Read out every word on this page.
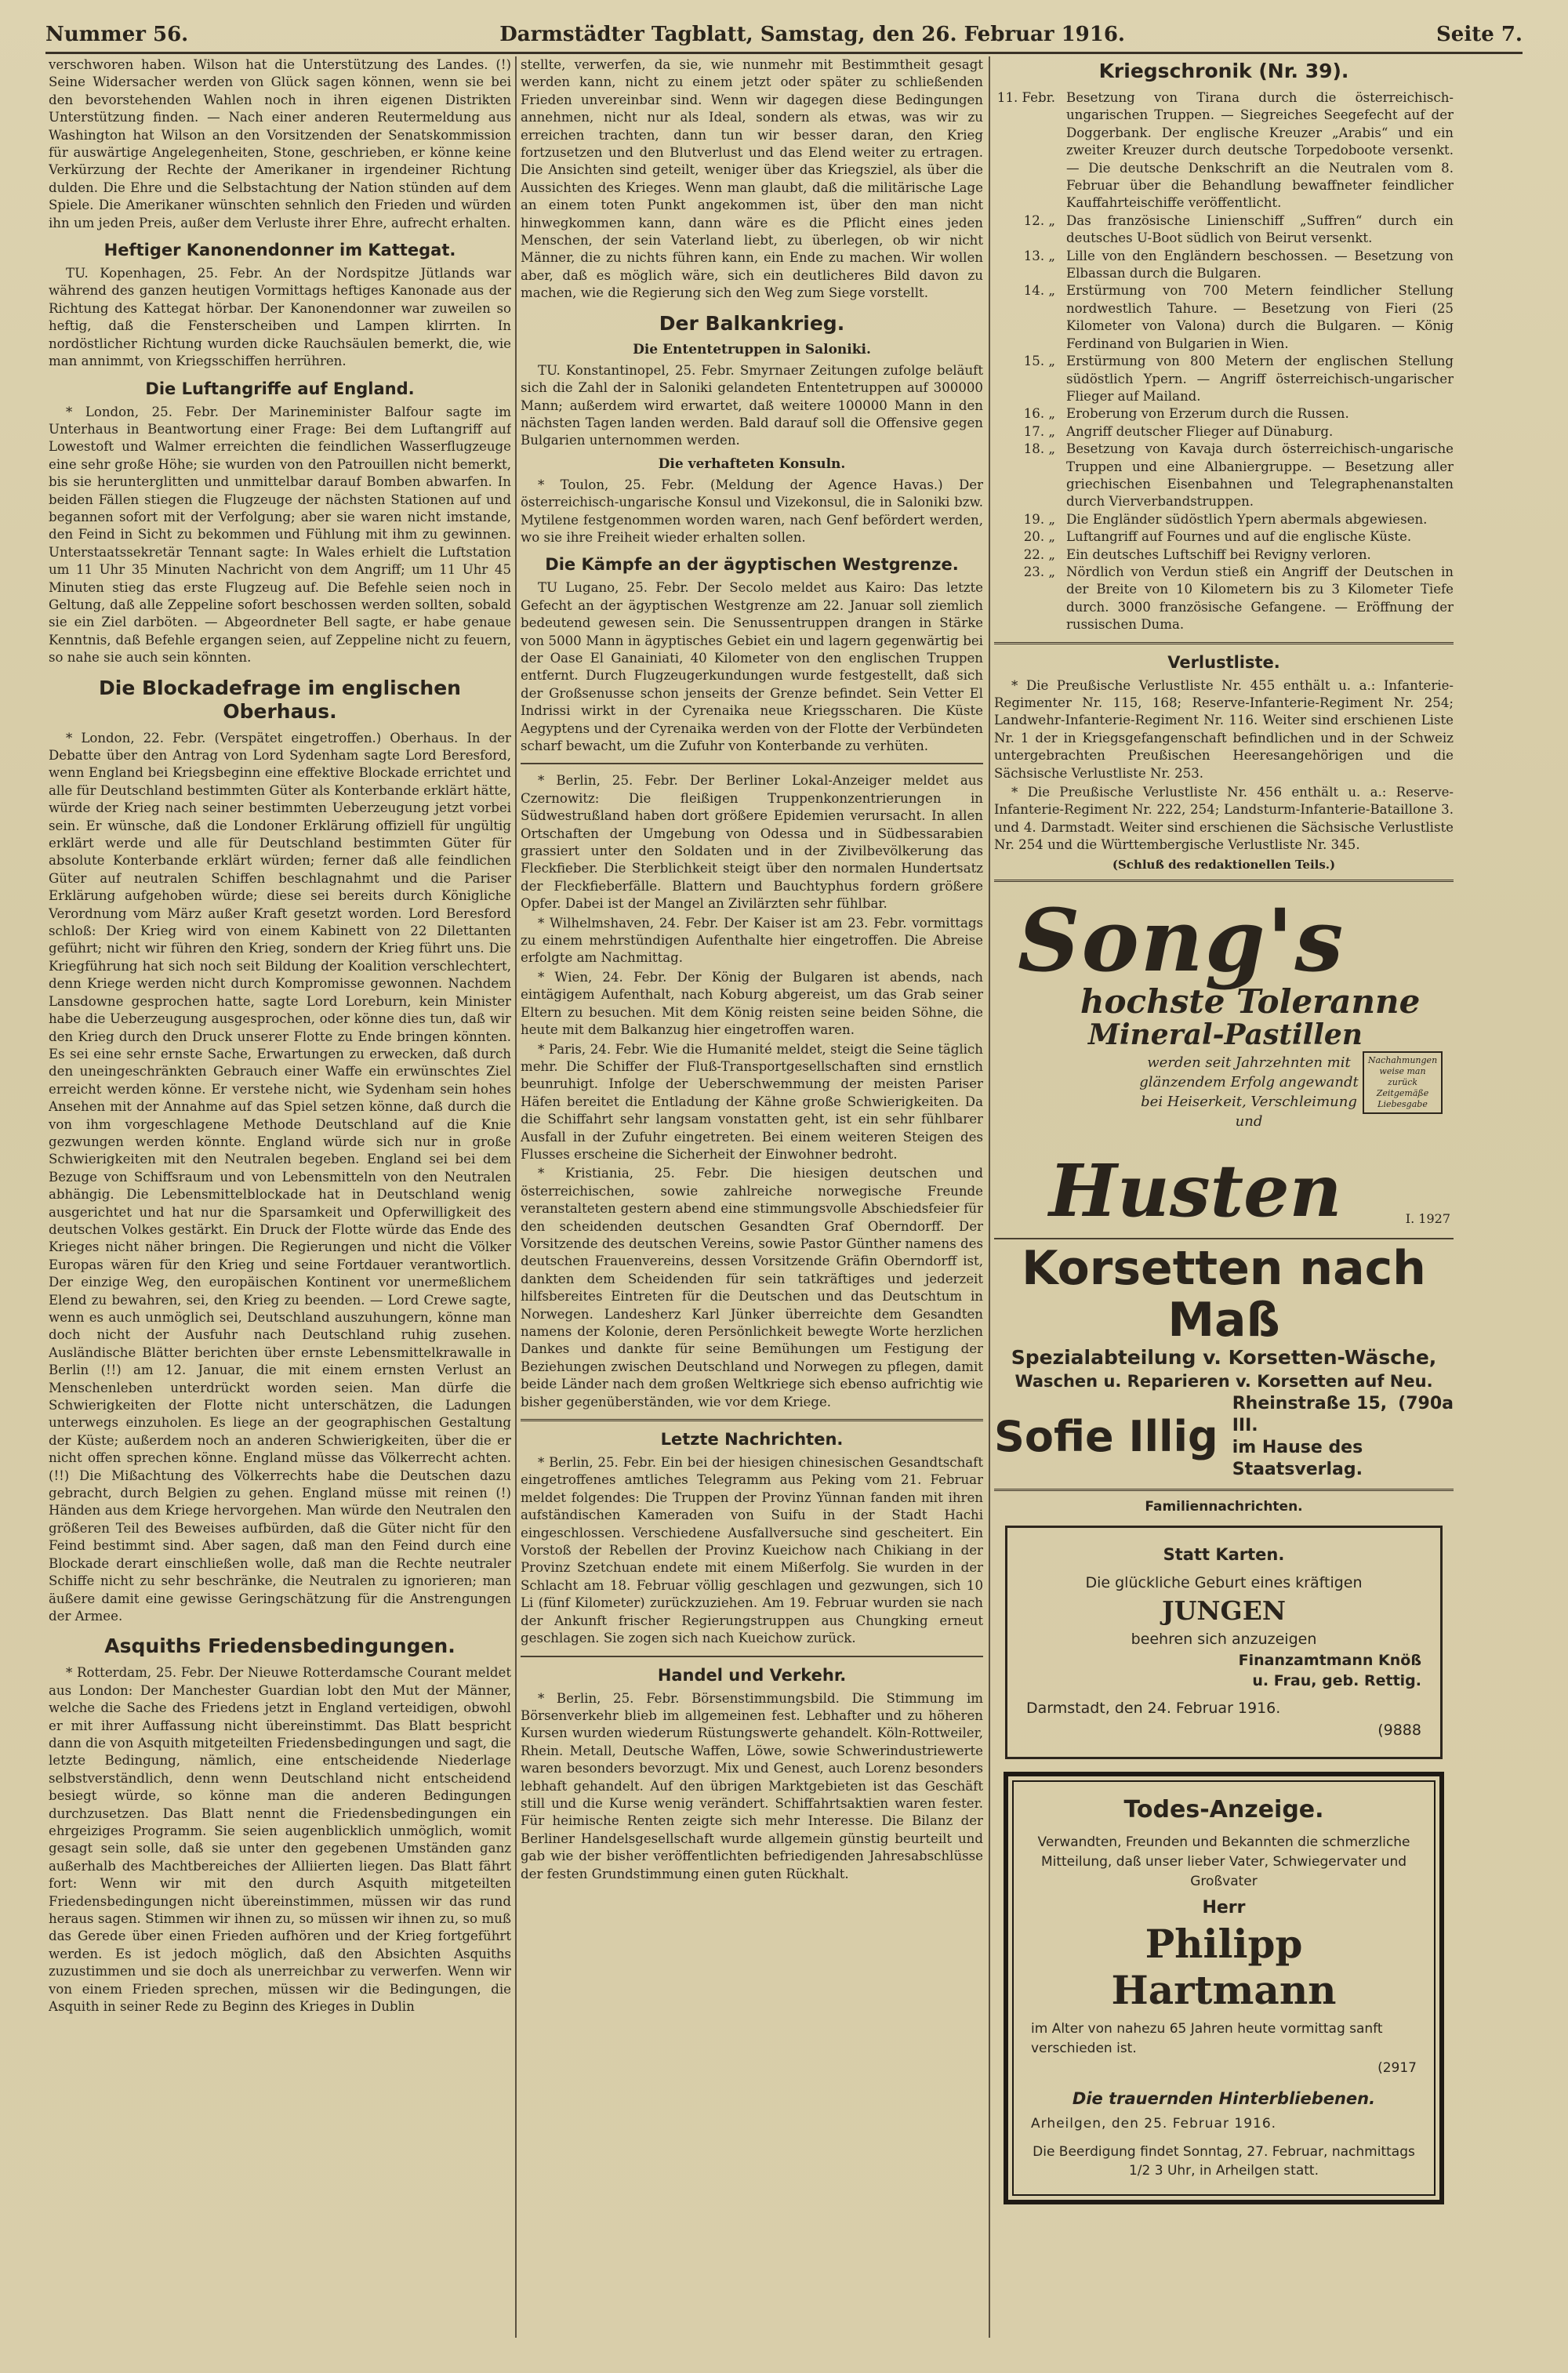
Nummer 56.	Darmstädter Tagblatt, Samstag, den 26. Februar 1916.	Seite 7.

verschworen haben. Wilson hat die Unterstützung des Landes. (!) Seine Widersacher werden von Glück sagen können, wenn sie bei den bevorstehenden Wahlen noch in ihren eigenen Distrikten Unterstützung finden. — Nach einer anderen Reutermeldung aus Washington hat Wilson an den Vorsitzenden der Senatskommission für auswärtige Angelegenheiten, Stone, geschrieben, er könne keine Verkürzung der Rechte der Amerikaner in irgendeiner Richtung dulden. Die Ehre und die Selbstachtung der Nation stünden auf dem Spiele. Die Amerikaner wünschten sehnlich den Frieden und würden ihn um jeden Preis, außer dem Verluste ihrer Ehre, aufrecht erhalten.

Heftiger Kanonendonner im Kattegat.

TU. Kopenhagen, 25. Febr. An der Nordspitze Jütlands war während des ganzen heutigen Vormittags heftiges Kanonade aus der Richtung des Kattegat hörbar. Der Kanonendonner war zuweilen so heftig, daß die Fensterscheiben und Lampen klirrten. In nordöstlicher Richtung wurden dicke Rauchsäulen bemerkt, die, wie man annimmt, von Kriegsschiffen herrühren.

Die Luftangriffe auf England.

* London, 25. Febr. Der Marineminister Balfour sagte im Unterhaus in Beantwortung einer Frage: Bei dem Luftangriff auf Lowestoft und Walmer erreichten die feindlichen Wasserflugzeuge eine sehr große Höhe; sie wurden von den Patrouillen nicht bemerkt, bis sie herunterglitten und unmittelbar darauf Bomben abwarfen. In beiden Fällen stiegen die Flugzeuge der nächsten Stationen auf und begannen sofort mit der Verfolgung; aber sie waren nicht imstande, den Feind in Sicht zu bekommen und Fühlung mit ihm zu gewinnen. Unterstaatssekretär Tennant sagte: In Wales erhielt die Luftstation um 11 Uhr 35 Minuten Nachricht von dem Angriff; um 11 Uhr 45 Minuten stieg das erste Flugzeug auf. Die Befehle seien noch in Geltung, daß alle Zeppeline sofort beschossen werden sollten, sobald sie ein Ziel darböten. — Abgeordneter Bell sagte, er habe genaue Kenntnis, daß Befehle ergangen seien, auf Zeppeline nicht zu feuern, so nahe sie auch sein könnten.

Die Blockadefrage im englischen Oberhaus.

* London, 22. Febr. (Verspätet eingetroffen.) Oberhaus. In der Debatte über den Antrag von Lord Sydenham sagte Lord Beresford, wenn England bei Kriegsbeginn eine effektive Blockade errichtet und alle für Deutschland bestimmten Güter als Konterbande erklärt hätte, würde der Krieg nach seiner bestimmten Ueberzeugung jetzt vorbei sein. Er wünsche, daß die Londoner Erklärung offiziell für ungültig erklärt werde und alle für Deutschland bestimmten Güter für absolute Konterbande erklärt würden; ferner daß alle feindlichen Güter auf neutralen Schiffen beschlagnahmt und die Pariser Erklärung aufgehoben würde; diese sei bereits durch Königliche Verordnung vom März außer Kraft gesetzt worden. Lord Beresford schloß: Der Krieg wird von einem Kabinett von 22 Dilettanten geführt; nicht wir führen den Krieg, sondern der Krieg führt uns. Die Kriegführung hat sich noch seit Bildung der Koalition verschlechtert, denn Kriege werden nicht durch Kompromisse gewonnen. Nachdem Lansdowne gesprochen hatte, sagte Lord Loreburn, kein Minister habe die Ueberzeugung ausgesprochen, oder könne dies tun, daß wir den Krieg durch den Druck unserer Flotte zu Ende bringen könnten. Es sei eine sehr ernste Sache, Erwartungen zu erwecken, daß durch den uneingeschränkten Gebrauch einer Waffe ein erwünschtes Ziel erreicht werden könne. Er verstehe nicht, wie Sydenham sein hohes Ansehen mit der Annahme auf das Spiel setzen könne, daß durch die von ihm vorgeschlagene Methode Deutschland auf die Knie gezwungen werden könnte. England würde sich nur in große Schwierigkeiten mit den Neutralen begeben. England sei bei dem Bezuge von Schiffsraum und von Lebensmitteln von den Neutralen abhängig. Die Lebensmittelblockade hat in Deutschland wenig ausgerichtet und hat nur die Sparsamkeit und Opferwilligkeit des deutschen Volkes gestärkt. Ein Druck der Flotte würde das Ende des Krieges nicht näher bringen. Die Regierungen und nicht die Völker Europas wären für den Krieg und seine Fortdauer verantwortlich. Der einzige Weg, den europäischen Kontinent vor unermeßlichem Elend zu bewahren, sei, den Krieg zu beenden. — Lord Crewe sagte, wenn es auch unmöglich sei, Deutschland auszuhungern, könne man doch nicht der Ausfuhr nach Deutschland ruhig zusehen. Ausländische Blätter berichten über ernste Lebensmittelkrawalle in Berlin (!!) am 12. Januar, die mit einem ernsten Verlust an Menschenleben unterdrückt worden seien. Man dürfe die Schwierigkeiten der Flotte nicht unterschätzen, die Ladungen unterwegs einzuholen. Es liege an der geographischen Gestaltung der Küste; außerdem noch an anderen Schwierigkeiten, über die er nicht offen sprechen könne. England müsse das Völkerrecht achten. (!!) Die Mißachtung des Völkerrechts habe die Deutschen dazu gebracht, durch Belgien zu gehen. England müsse mit reinen (!) Händen aus dem Kriege hervorgehen. Man würde den Neutralen den größeren Teil des Beweises aufbürden, daß die Güter nicht für den Feind bestimmt sind. Aber sagen, daß man den Feind durch eine Blockade derart einschließen wolle, daß man die Rechte neutraler Schiffe nicht zu sehr beschränke, die Neutralen zu ignorieren; man äußere damit eine gewisse Geringschätzung für die Anstrengungen der Armee.

Asquiths Friedensbedingungen.

* Rotterdam, 25. Febr. Der Nieuwe Rotterdamsche Courant meldet aus London: Der Manchester Guardian lobt den Mut der Männer, welche die Sache des Friedens jetzt in England verteidigen, obwohl er mit ihrer Auffassung nicht übereinstimmt. Das Blatt bespricht dann die von Asquith mitgeteilten Friedensbedingungen und sagt, die letzte Bedingung, nämlich, eine entscheidende Niederlage selbstverständlich, denn wenn Deutschland nicht entscheidend besiegt würde, so könne man die anderen Bedingungen durchzusetzen. Das Blatt nennt die Friedensbedingungen ein ehrgeiziges Programm. Sie seien augenblicklich unmöglich, womit gesagt sein solle, daß sie unter den gegebenen Umständen ganz außerhalb des Machtbereiches der Alliierten liegen. Das Blatt fährt fort: Wenn wir mit den durch Asquith mitgeteilten Friedensbedingungen nicht übereinstimmen, müssen wir das rund heraus sagen. Stimmen wir ihnen zu, so müssen wir ihnen zu, so muß das Gerede über einen Frieden aufhören und der Krieg fortgeführt werden. Es ist jedoch möglich, daß den Absichten Asquiths zuzustimmen und sie doch als unerreichbar zu verwerfen. Wenn wir von einem Frieden sprechen, müssen wir die Bedingungen, die Asquith in seiner Rede zu Beginn des Krieges in Dublin

stellte, verwerfen, da sie, wie nunmehr mit Bestimmtheit gesagt werden kann, nicht zu einem jetzt oder später zu schließenden Frieden unvereinbar sind. Wenn wir dagegen diese Bedingungen annehmen, nicht nur als Ideal, sondern als etwas, was wir zu erreichen trachten, dann tun wir besser daran, den Krieg fortzusetzen und den Blutverlust und das Elend weiter zu ertragen. Die Ansichten sind geteilt, weniger über das Kriegsziel, als über die Aussichten des Krieges. Wenn man glaubt, daß die militärische Lage an einem toten Punkt angekommen ist, über den man nicht hinwegkommen kann, dann wäre es die Pflicht eines jeden Menschen, der sein Vaterland liebt, zu überlegen, ob wir nicht Männer, die zu nichts führen kann, ein Ende zu machen. Wir wollen aber, daß es möglich wäre, sich ein deutlicheres Bild davon zu machen, wie die Regierung sich den Weg zum Siege vorstellt.

Der Balkankrieg.
Die Ententetruppen in Saloniki.

TU. Konstantinopel, 25. Febr. Smyrnaer Zeitungen zufolge beläuft sich die Zahl der in Saloniki gelandeten Ententetruppen auf 300000 Mann; außerdem wird erwartet, daß weitere 100000 Mann in den nächsten Tagen landen werden. Bald darauf soll die Offensive gegen Bulgarien unternommen werden.

Die verhafteten Konsuln.

* Toulon, 25. Febr. (Meldung der Agence Havas.) Der österreichisch-ungarische Konsul und Vizekonsul, die in Saloniki bzw. Mytilene festgenommen worden waren, nach Genf befördert werden, wo sie ihre Freiheit wieder erhalten sollen.

Die Kämpfe an der ägyptischen Westgrenze.

TU Lugano, 25. Febr. Der Secolo meldet aus Kairo: Das letzte Gefecht an der ägyptischen Westgrenze am 22. Januar soll ziemlich bedeutend gewesen sein. Die Senussentruppen drangen in Stärke von 5000 Mann in ägyptisches Gebiet ein und lagern gegenwärtig bei der Oase El Ganainiati, 40 Kilometer von den englischen Truppen entfernt. Durch Flugzeugerkundungen wurde festgestellt, daß sich der Großsenusse schon jenseits der Grenze befindet. Sein Vetter El Indrissi wirkt in der Cyrenaika neue Kriegsscharen. Die Küste Aegyptens und der Cyrenaika werden von der Flotte der Verbündeten scharf bewacht, um die Zufuhr von Konterbande zu verhüten.

* Berlin, 25. Febr. Der Berliner Lokal-Anzeiger meldet aus Czernowitz: Die fleißigen Truppenkonzentrierungen in Südwestrußland haben dort größere Epidemien verursacht. In allen Ortschaften der Umgebung von Odessa und in Südbessarabien grassiert unter den Soldaten und in der Zivilbevölkerung das Fleckfieber. Die Sterblichkeit steigt über den normalen Hundertsatz der Fleckfieberfälle. Blattern und Bauchtyphus fordern größere Opfer. Dabei ist der Mangel an Zivilärzten sehr fühlbar.

* Wilhelmshaven, 24. Febr. Der Kaiser ist am 23. Febr. vormittags zu einem mehrstündigen Aufenthalte hier eingetroffen. Die Abreise erfolgte am Nachmittag.

* Wien, 24. Febr. Der König der Bulgaren ist abends, nach eintägigem Aufenthalt, nach Koburg abgereist, um das Grab seiner Eltern zu besuchen. Mit dem König reisten seine beiden Söhne, die heute mit dem Balkanzug hier eingetroffen waren.

* Paris, 24. Febr. Wie die Humanité meldet, steigt die Seine täglich mehr. Die Schiffer der Fluß-Transportgesellschaften sind ernstlich beunruhigt. Infolge der Ueberschwemmung der meisten Pariser Häfen bereitet die Entladung der Kähne große Schwierigkeiten. Da die Schiffahrt sehr langsam vonstatten geht, ist ein sehr fühlbarer Ausfall in der Zufuhr eingetreten. Bei einem weiteren Steigen des Flusses erscheine die Sicherheit der Einwohner bedroht.

* Kristiania, 25. Febr. Die hiesigen deutschen und österreichischen, sowie zahlreiche norwegische Freunde veranstalteten gestern abend eine stimmungsvolle Abschiedsfeier für den scheidenden deutschen Gesandten Graf Oberndorff. Der Vorsitzende des deutschen Vereins, sowie Pastor Günther namens des deutschen Frauenvereins, dessen Vorsitzende Gräfin Oberndorff ist, dankten dem Scheidenden für sein tatkräftiges und jederzeit hilfsbereites Eintreten für die Deutschen und das Deutschtum in Norwegen. Landesherz Karl Jünker überreichte dem Gesandten namens der Kolonie, deren Persönlichkeit bewegte Worte herzlichen Dankes und dankte für seine Bemühungen um Festigung der Beziehungen zwischen Deutschland und Norwegen zu pflegen, damit beide Länder nach dem großen Weltkriege sich ebenso aufrichtig wie bisher gegenüberständen, wie vor dem Kriege.

Letzte Nachrichten.

* Berlin, 25. Febr. Ein bei der hiesigen chinesischen Gesandtschaft eingetroffenes amtliches Telegramm aus Peking vom 21. Februar meldet folgendes: Die Truppen der Provinz Yünnan fanden mit ihren aufständischen Kameraden von Suifu in der Stadt Hachi eingeschlossen. Verschiedene Ausfallversuche sind gescheitert. Ein Vorstoß der Rebellen der Provinz Kueichow nach Chikiang in der Provinz Szetchuan endete mit einem Mißerfolg. Sie wurden in der Schlacht am 18. Februar völlig geschlagen und gezwungen, sich 10 Li (fünf Kilometer) zurückzuziehen. Am 19. Februar wurden sie nach der Ankunft frischer Regierungstruppen aus Chungking erneut geschlagen. Sie zogen sich nach Kueichow zurück.

Handel und Verkehr.

* Berlin, 25. Febr. Börsenstimmungsbild. Die Stimmung im Börsenverkehr blieb im allgemeinen fest. Lebhafter und zu höheren Kursen wurden wiederum Rüstungswerte gehandelt. Köln-Rottweiler, Rhein. Metall, Deutsche Waffen, Löwe, sowie Schwerindustriewerte waren besonders bevorzugt. Mix und Genest, auch Lorenz besonders lebhaft gehandelt. Auf den übrigen Marktgebieten ist das Geschäft still und die Kurse wenig verändert. Schiffahrtsaktien waren fester. Für heimische Renten zeigte sich mehr Interesse. Die Bilanz der Berliner Handelsgesellschaft wurde allgemein günstig beurteilt und gab wie der bisher veröffentlichten befriedigenden Jahresabschlüsse der festen Grundstimmung einen guten Rückhalt.

Kriegschronik (Nr. 39).
11. Febr. Besetzung von Tirana durch die österreichisch-ungarischen Truppen. — Siegreiches Seegefecht auf der Doggerbank. Der englische Kreuzer „Arabis“ und ein zweiter Kreuzer durch deutsche Torpedoboote versenkt. — Die deutsche Denkschrift an die Neutralen vom 8. Februar über die Behandlung bewaffneter feindlicher Kauffahrteischiffe veröffentlicht.
12. „ Das französische Linienschiff „Suffren“ durch ein deutsches U-Boot südlich von Beirut versenkt.
13. „ Lille von den Engländern beschossen. — Besetzung von Elbassan durch die Bulgaren.
14. „ Erstürmung von 700 Metern feindlicher Stellung nordwestlich Tahure. — Besetzung von Fieri (25 Kilometer von Valona) durch die Bulgaren. — König Ferdinand von Bulgarien in Wien.
15. „ Erstürmung von 800 Metern der englischen Stellung südöstlich Ypern. — Angriff österreichisch-ungarischer Flieger auf Mailand.
16. „ Eroberung von Erzerum durch die Russen.
17. „ Angriff deutscher Flieger auf Dünaburg.
18. „ Besetzung von Kavaja durch österreichisch-ungarische Truppen und eine Albaniergruppe. — Besetzung aller griechischen Eisenbahnen und Telegraphenanstalten durch Vierverbandstruppen.
19. „ Die Engländer südöstlich Ypern abermals abgewiesen.
20. „ Luftangriff auf Fournes und auf die englische Küste.
22. „ Ein deutsches Luftschiff bei Revigny verloren.
23. „ Nördlich von Verdun stieß ein Angriff der Deutschen in der Breite von 10 Kilometern bis zu 3 Kilometer Tiefe durch. 3000 französische Gefangene. — Eröffnung der russischen Duma.
Verlustliste.

* Die Preußische Verlustliste Nr. 455 enthält u. a.: Infanterie-Regimenter Nr. 115, 168; Reserve-Infanterie-Regiment Nr. 254; Landwehr-Infanterie-Regiment Nr. 116. Weiter sind erschienen Liste Nr. 1 der in Kriegsgefangenschaft befindlichen und in der Schweiz untergebrachten Preußischen Heeresangehörigen und die Sächsische Verlustliste Nr. 253.

* Die Preußische Verlustliste Nr. 456 enthält u. a.: Reserve-Infanterie-Regiment Nr. 222, 254; Landsturm-Infanterie-Bataillone 3. und 4. Darmstadt. Weiter sind erschienen die Sächsische Verlustliste Nr. 254 und die Württembergische Verlustliste Nr. 345.

(Schluß des redaktionellen Teils.)
Song's
hochste Toleranne
Mineral-Pastillen
werden seit Jahrzehnten mit glänzendem Erfolg angewandt bei Heiserkeit, Verschleimung und
Nachahmungen weise man zurück Zeitgemäße Liebesgabe
Husten	I. 1927
Korsetten nach Maß
Spezialabteilung v. Korsetten-Wäsche,
Waschen u. Reparieren v. Korsetten auf Neu.
Sofie Illig
Rheinstraße 15, III.
(790a
im Hause des Staatsverlag.
Familiennachrichten.
Statt Karten.
Die glückliche Geburt eines kräftigen
JUNGEN
beehren sich anzuzeigen
Finanzamtmann Knöß
u. Frau, geb. Rettig.
Darmstadt, den 24. Februar 1916.
(9888
Todes-Anzeige.
Verwandten, Freunden und Bekannten die schmerzliche Mitteilung, daß unser lieber Vater, Schwiegervater und Großvater
Herr
Philipp Hartmann
im Alter von nahezu 65 Jahren heute vormittag sanft verschieden ist.
(2917
Die trauernden Hinterbliebenen.
Arheilgen, den 25. Februar 1916.
Die Beerdigung findet Sonntag, 27. Februar, nachmittags 1/2 3 Uhr, in Arheilgen statt.
